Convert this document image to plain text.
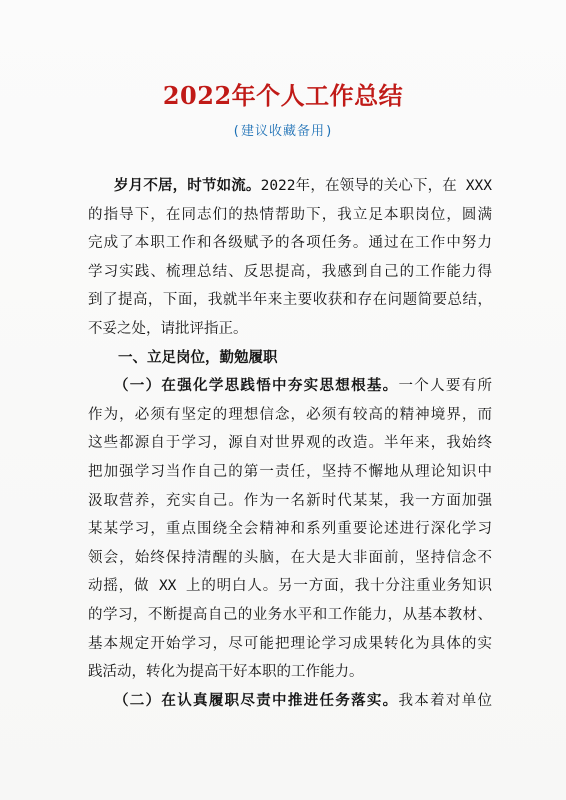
2022年个人工作总结
(建议收藏备用)
岁月不居，时节如流。2022年，在领导的关心下，在 XXX
的指导下，在同志们的热情帮助下，我立足本职岗位，圆满
完成了本职工作和各级赋予的各项任务。通过在工作中努力
学习实践、梳理总结、反思提高，我感到自己的工作能力得
到了提高，下面，我就半年来主要收获和存在问题简要总结，
不妥之处，请批评指正。
一、立足岗位，勤勉履职
（一）在强化学思践悟中夯实思想根基。一个人要有所
作为，必须有坚定的理想信念，必须有较高的精神境界，而
这些都源自于学习，源自对世界观的改造。半年来，我始终
把加强学习当作自己的第一责任，坚持不懈地从理论知识中
汲取营养，充实自己。作为一名新时代某某，我一方面加强
某某学习，重点围绕全会精神和系列重要论述进行深化学习
领会，始终保持清醒的头脑，在大是大非面前，坚持信念不
动摇，做 XX 上的明白人。另一方面，我十分注重业务知识
的学习，不断提高自己的业务水平和工作能力，从基本教材、
基本规定开始学习，尽可能把理论学习成果转化为具体的实
践活动，转化为提高干好本职的工作能力。
（二）在认真履职尽责中推进任务落实。我本着对单位
